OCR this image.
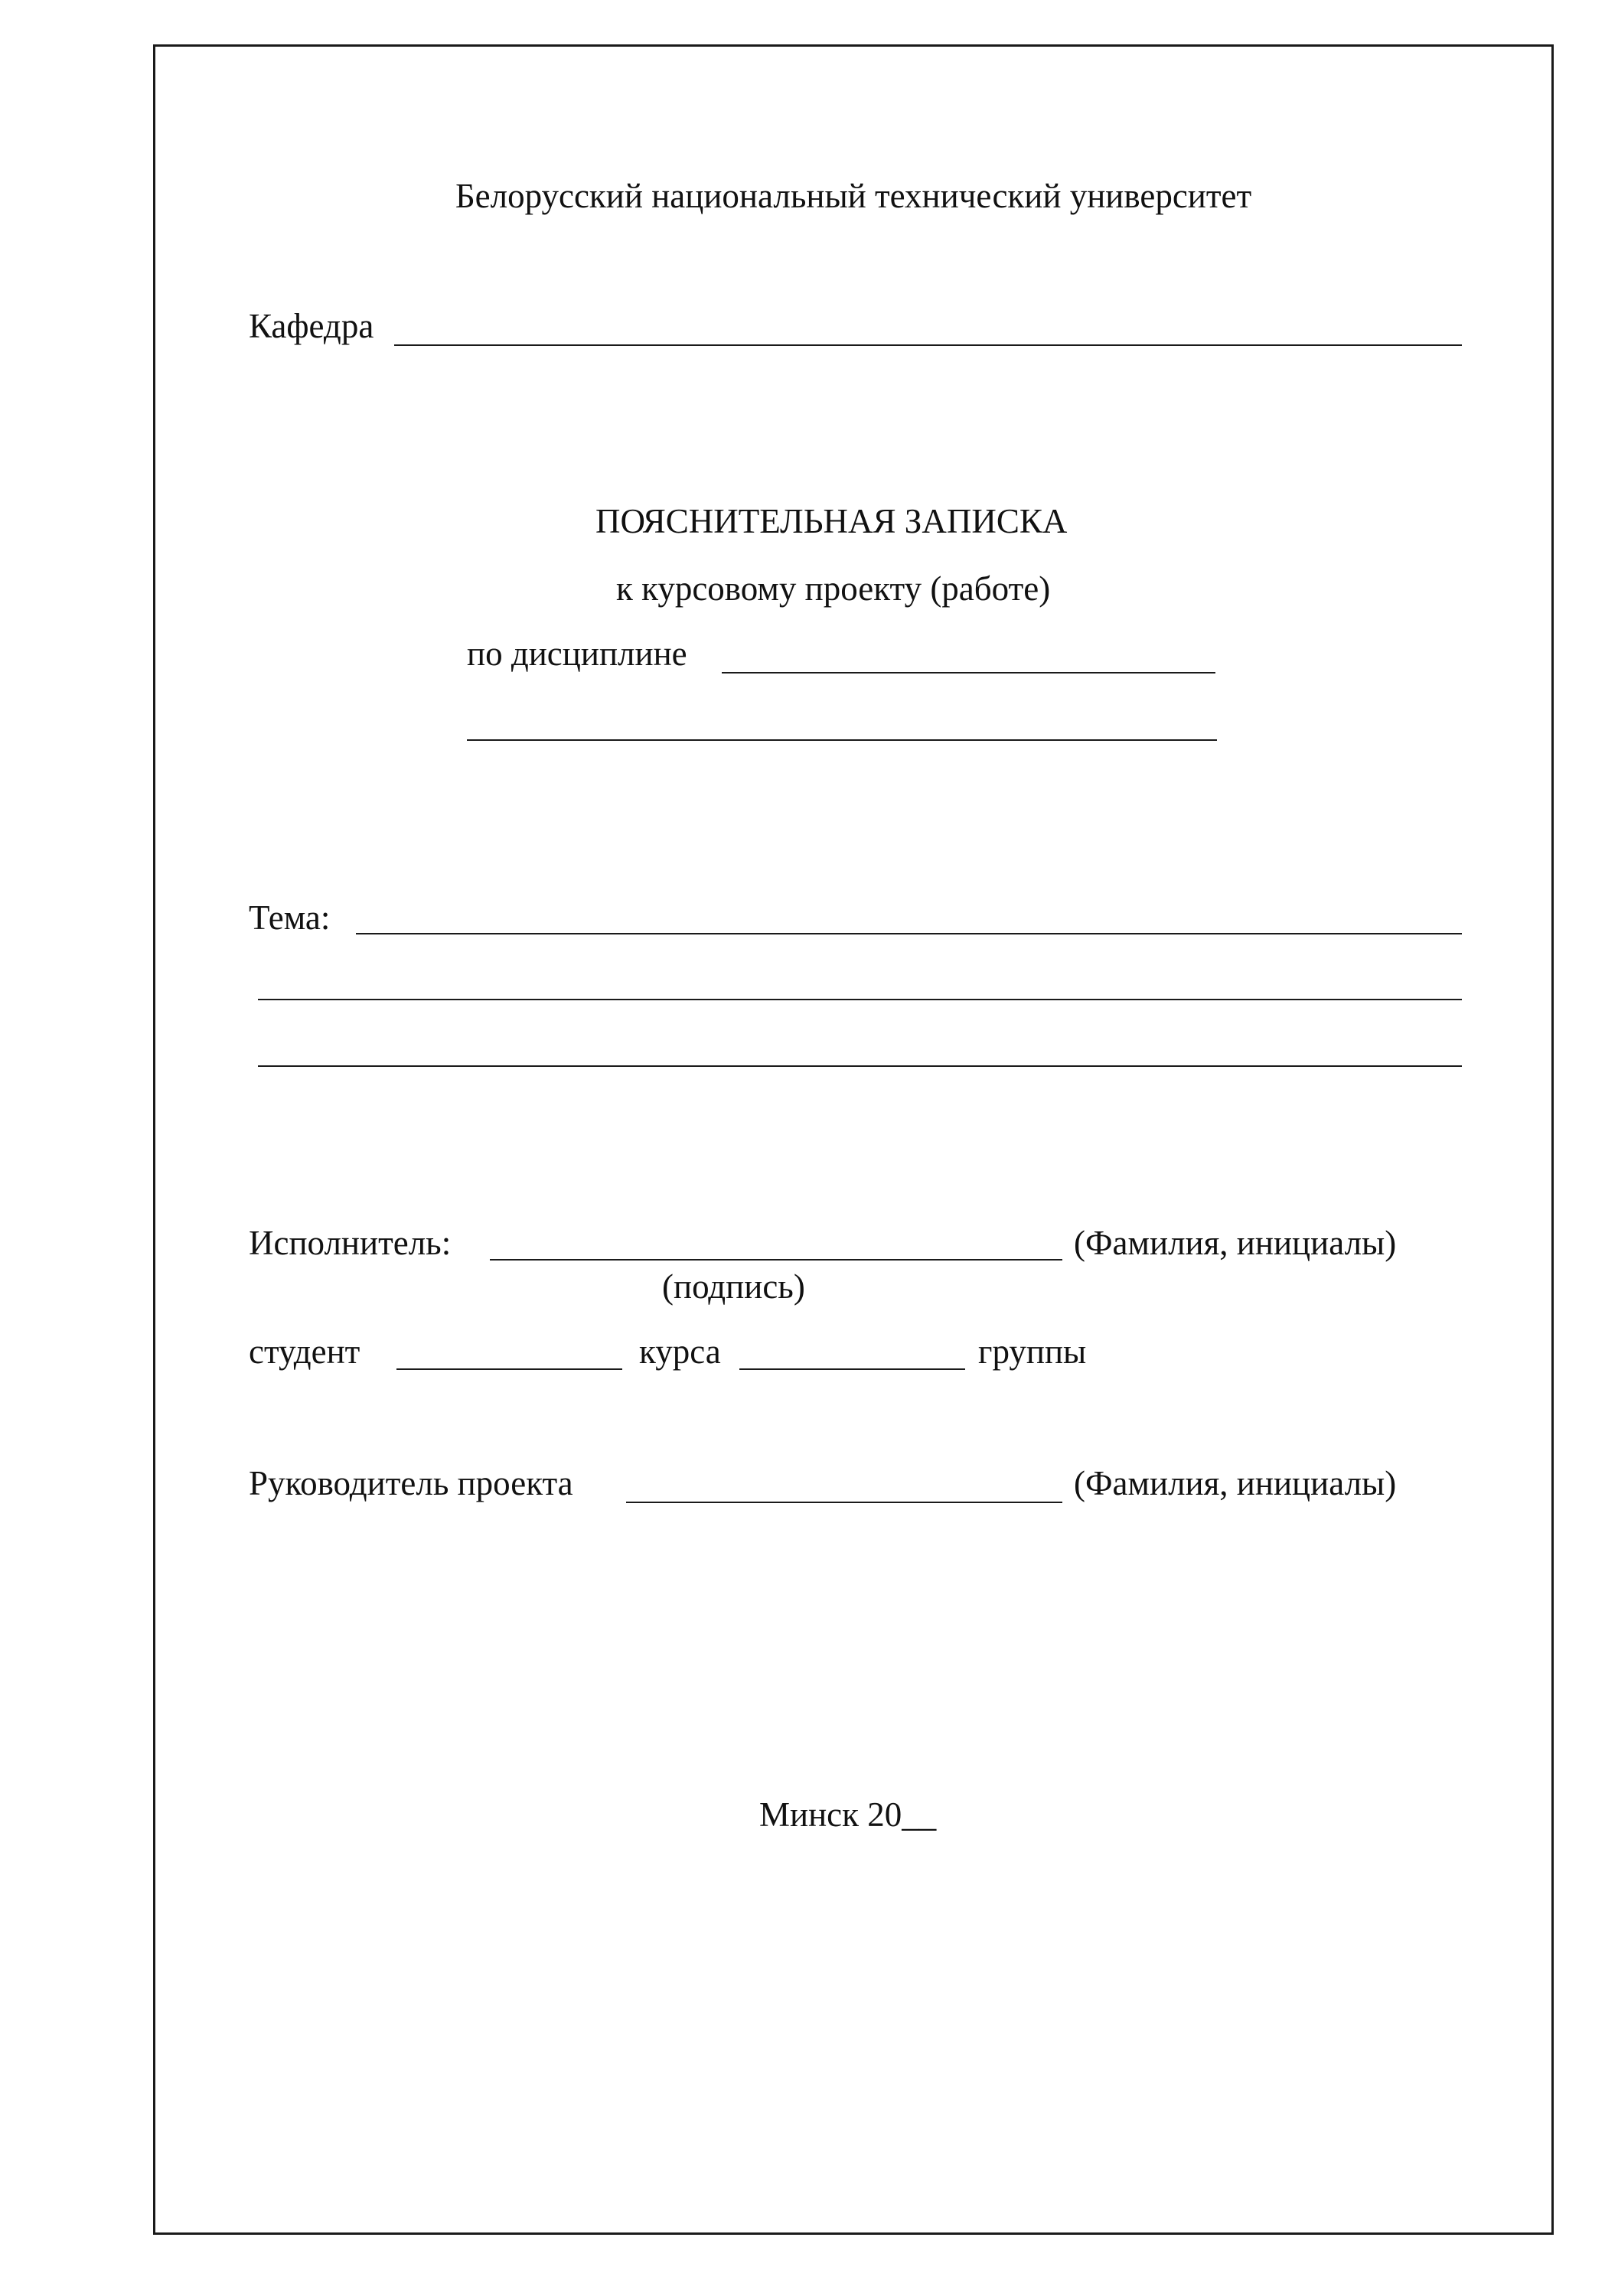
Белорусский национальный технический университет
Кафедра
ПОЯСНИТЕЛЬНАЯ ЗАПИСКА
к курсовому проекту (работе)
по дисциплине
Тема:
Исполнитель:	(Фамилия, инициалы)
(подпись)
студент	курса	группы
Руководитель проекта	(Фамилия, инициалы)
Минск 20__
